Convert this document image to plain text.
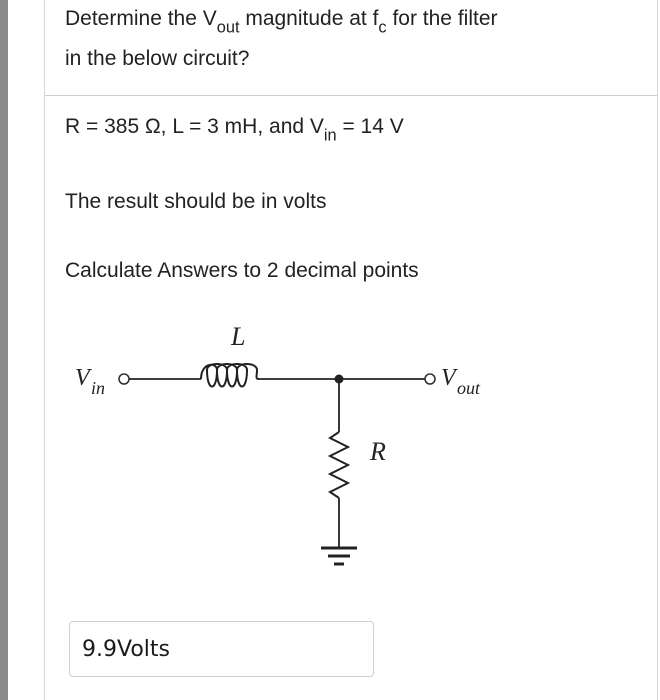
Determine the $V_{out}$ magnitude at $f_c$ for the filter
in the below circuit?
R = 385 Ω, L = 3 mH, and $V_{in} = 14$ V
The result should be in volts
Calculate Answers to 2 decimal points
V in
L
V out
R
9.9Volts
